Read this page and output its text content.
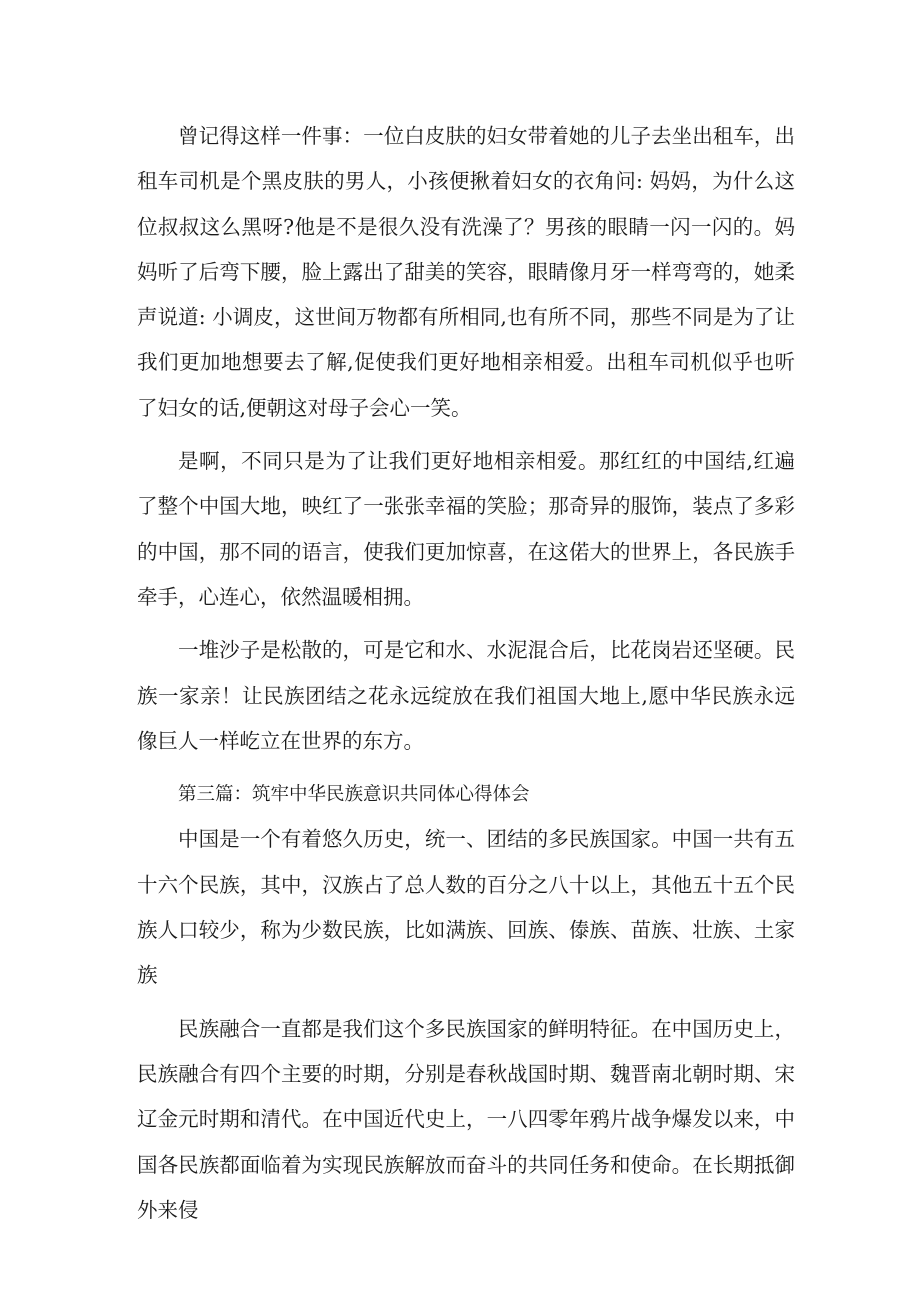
曾记得这样一件事：一位白皮肤的妇女带着她的儿子去坐出租车，出租车司机是个黑皮肤的男人，小孩便揪着妇女的衣角问: 妈妈，为什么这位叔叔这么黑呀?他是不是很久没有洗澡了？男孩的眼睛一闪一闪的。妈妈听了后弯下腰，脸上露出了甜美的笑容，眼睛像月牙一样弯弯的，她柔声说道: 小调皮，这世间万物都有所相同,也有所不同，那些不同是为了让我们更加地想要去了解,促使我们更好地相亲相爱。出租车司机似乎也听了妇女的话,便朝这对母子会心一笑。

是啊，不同只是为了让我们更好地相亲相爱。那红红的中国结,红遍了整个中国大地，映红了一张张幸福的笑脸；那奇异的服饰，装点了多彩的中国，那不同的语言，使我们更加惊喜，在这偌大的世界上，各民族手牵手，心连心，依然温暖相拥。

一堆沙子是松散的，可是它和水、水泥混合后，比花岗岩还坚硬。民族一家亲！让民族团结之花永远绽放在我们祖国大地上,愿中华民族永远像巨人一样屹立在世界的东方。

第三篇：筑牢中华民族意识共同体心得体会

中国是一个有着悠久历史，统一、团结的多民族国家。中国一共有五十六个民族，其中，汉族占了总人数的百分之八十以上，其他五十五个民族人口较少，称为少数民族，比如满族、回族、傣族、苗族、壮族、土家族

民族融合一直都是我们这个多民族国家的鲜明特征。在中国历史上，民族融合有四个主要的时期，分别是春秋战国时期、魏晋南北朝时期、宋辽金元时期和清代。在中国近代史上，一八四零年鸦片战争爆发以来，中国各民族都面临着为实现民族解放而奋斗的共同任务和使命。在长期抵御外来侵
